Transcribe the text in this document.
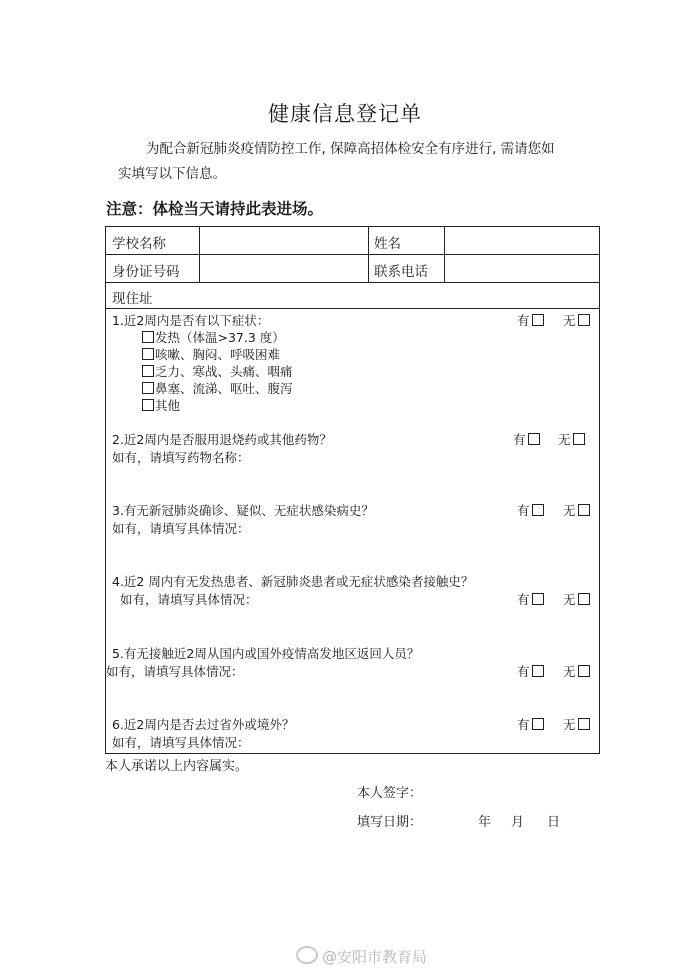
健康信息登记单
为配合新冠肺炎疫情防控工作, 保障高招体检安全有序进行, 需请您如
实填写以下信息。
注意：体检当天请持此表进场。
学校名称	姓名
身份证号码	联系电话
现住址
1.近2周内是否有以下症状：	有	无
发热（体温>37.3 度）
咳嗽、胸闷、呼吸困难
乏力、寒战、头痛、咽痛
鼻塞、流涕、呕吐、腹泻
其他
2.近2周内是否服用退烧药或其他药物？	有	无
如有，请填写药物名称：
3.有无新冠肺炎确诊、疑似、无症状感染病史？	有	无
如有，请填写具体情况：
4.近2 周内有无发热患者、新冠肺炎患者或无症状感染者接触史？
如有，请填写具体情况：	有	无
5.有无接触近2周从国内或国外疫情高发地区返回人员？
如有，请填写具体情况：	有	无
6.近2周内是否去过省外或境外？	有	无
如有，请填写具体情况：
本人承诺以上内容属实。
本人签字：
填写日期：	年 月 日
@安阳市教育局
